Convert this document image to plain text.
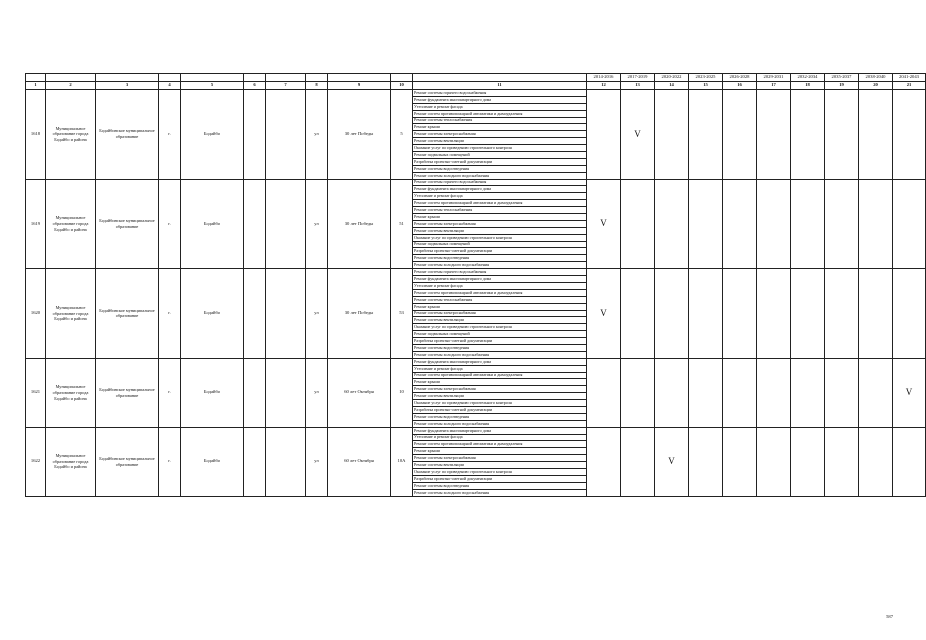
											2014-2016	2017-2019	2020-2022	2023-2025	2026-2028	2029-2031	2032-2034	2035-2037	2038-2040	2041-2043
1	2	3	4	5	6	7	8	9	10	11	12	13	14	15	16	17	18	19	20	21
1618	Муниципальное образование города Бодайбо и района	Бодайбинское муниципальное образование	г.	Бодайбо			ул	30 лет Победы	5	Ремонт системы горячего водоснабжения		V								
										Ремонт фундамента многоквартирного дома										
										Утепление и ремонт фасада										
										Ремонт систем противопожарной автоматики и дымоудаления										
										Ремонт системы теплоснабжения										
										Ремонт крыши										
										Ремонт системы электроснабжения										
										Ремонт системы вентиляции										
										Оказание услуг по проведению строительного контроля										
										Ремонт подвальных помещений										
										Разработка проектно-сметной документации										
										Ремонт системы водоотведения										
										Ремонт системы холодного водоснабжения										
1619	Муниципальное образование города Бодайбо и района	Бодайбинское муниципальное образование	г.	Бодайбо			ул	30 лет Победы	51	Ремонт системы горячего водоснабжения	V									
										Ремонт фундамента многоквартирного дома										
										Утепление и ремонт фасада										
										Ремонт систем противопожарной автоматики и дымоудаления										
										Ремонт системы теплоснабжения										
										Ремонт крыши										
										Ремонт системы электроснабжения										
										Ремонт системы вентиляции										
										Оказание услуг по проведению строительного контроля										
										Ремонт подвальных помещений										
										Разработка проектно-сметной документации										
										Ремонт системы водоотведения										
										Ремонт системы холодного водоснабжения										
1620	Муниципальное образование города Бодайбо и района	Бодайбинское муниципальное образование	г.	Бодайбо			ул	30 лет Победы	53	Ремонт системы горячего водоснабжения	V									
										Ремонт фундамента многоквартирного дома										
										Утепление и ремонт фасада										
										Ремонт систем противопожарной автоматики и дымоудаления										
										Ремонт системы теплоснабжения										
										Ремонт крыши										
										Ремонт системы электроснабжения										
										Ремонт системы вентиляции										
										Оказание услуг по проведению строительного контроля										
										Ремонт подвальных помещений										
										Разработка проектно-сметной документации										
										Ремонт системы водоотведения										
										Ремонт системы холодного водоснабжения										
1621	Муниципальное образование города Бодайбо и района	Бодайбинское муниципальное образование	г.	Бодайбо			ул	60 лет Октября	10	Ремонт фундамента многоквартирного дома										V
										Утепление и ремонт фасада										
										Ремонт систем противопожарной автоматики и дымоудаления										
										Ремонт крыши										
										Ремонт системы электроснабжения										
										Ремонт системы вентиляции										
										Оказание услуг по проведению строительного контроля										
										Разработка проектно-сметной документации										
										Ремонт системы водоотведения										
										Ремонт системы холодного водоснабжения										
1622	Муниципальное образование города Бодайбо и района	Бодайбинское муниципальное образование	г.	Бодайбо			ул	60 лет Октября	10А	Ремонт фундамента многоквартирного дома			V							
										Утепление и ремонт фасада										
										Ремонт систем противопожарной автоматики и дымоудаления										
										Ремонт крыши										
										Ремонт системы электроснабжения										
										Ремонт системы вентиляции										
										Оказание услуг по проведению строительного контроля										
										Разработка проектно-сметной документации										
										Ремонт системы водоотведения										
										Ремонт системы холодного водоснабжения										
587
